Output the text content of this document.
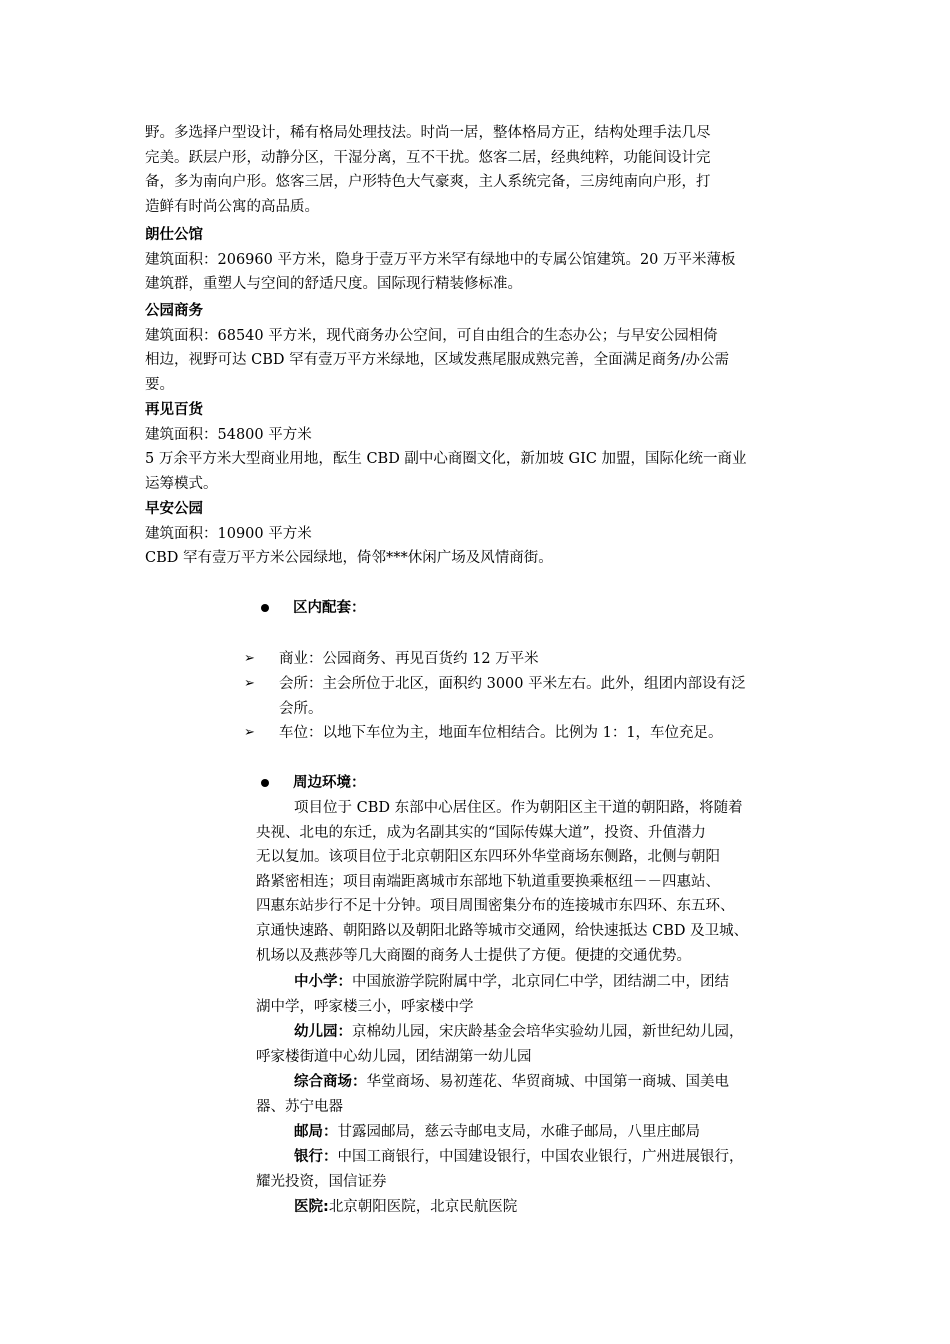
野。多选择户型设计，稀有格局处理技法。时尚一居，整体格局方正，结构处理手法几尽
完美。跃层户形，动静分区，干湿分离，互不干扰。悠客二居，经典纯粹，功能间设计完
备，多为南向户形。悠客三居，户形特色大气豪爽，主人系统完备，三房纯南向户形，打
造鲜有时尚公寓的高品质。
朗仕公馆
建筑面积：206960 平方米，隐身于壹万平方米罕有绿地中的专属公馆建筑。20 万平米薄板
建筑群，重塑人与空间的舒适尺度。国际现行精装修标准。
公园商务
建筑面积：68540 平方米，现代商务办公空间，可自由组合的生态办公；与早安公园相倚
相边，视野可达 CBD 罕有壹万平方米绿地，区域发燕尾服成熟完善，全面满足商务/办公需
要。
再见百货
建筑面积：54800 平方米
5 万余平方米大型商业用地，酝生 CBD 副中心商圈文化，新加坡 GIC 加盟，国际化统一商业
运筹模式。
早安公园
建筑面积：10900 平方米
CBD 罕有壹万平方米公园绿地，倚邻***休闲广场及风情商街。
区内配套：
➢ 商业：公园商务、再见百货约 12 万平米
➢ 会所：主会所位于北区，面积约 3000 平米左右。此外，组团内部设有泛
会所。
➢ 车位：以地下车位为主，地面车位相结合。比例为 1：1，车位充足。
周边环境：
项目位于 CBD 东部中心居住区。作为朝阳区主干道的朝阳路，将随着
央视、北电的东迁，成为名副其实的“国际传媒大道”，投资、升值潜力
无以复加。该项目位于北京朝阳区东四环外华堂商场东侧路，北侧与朝阳
路紧密相连；项目南端距离城市东部地下轨道重要换乘枢纽－－四惠站、
四惠东站步行不足十分钟。项目周围密集分布的连接城市东四环、东五环、
京通快速路、朝阳路以及朝阳北路等城市交通网，给快速抵达 CBD 及卫城、
机场以及燕莎等几大商圈的商务人士提供了方便。便捷的交通优势。
中小学：中国旅游学院附属中学，北京同仁中学，团结湖二中，团结
湖中学，呼家楼三小，呼家楼中学
幼儿园：京棉幼儿园，宋庆龄基金会培华实验幼儿园，新世纪幼儿园，
呼家楼街道中心幼儿园，团结湖第一幼儿园
综合商场：华堂商场、易初莲花、华贸商城、中国第一商城、国美电
器、苏宁电器
邮局：甘露园邮局，慈云寺邮电支局，水碓子邮局，八里庄邮局
银行：中国工商银行，中国建设银行，中国农业银行，广州进展银行，
耀光投资，国信证券
医院:北京朝阳医院，北京民航医院
